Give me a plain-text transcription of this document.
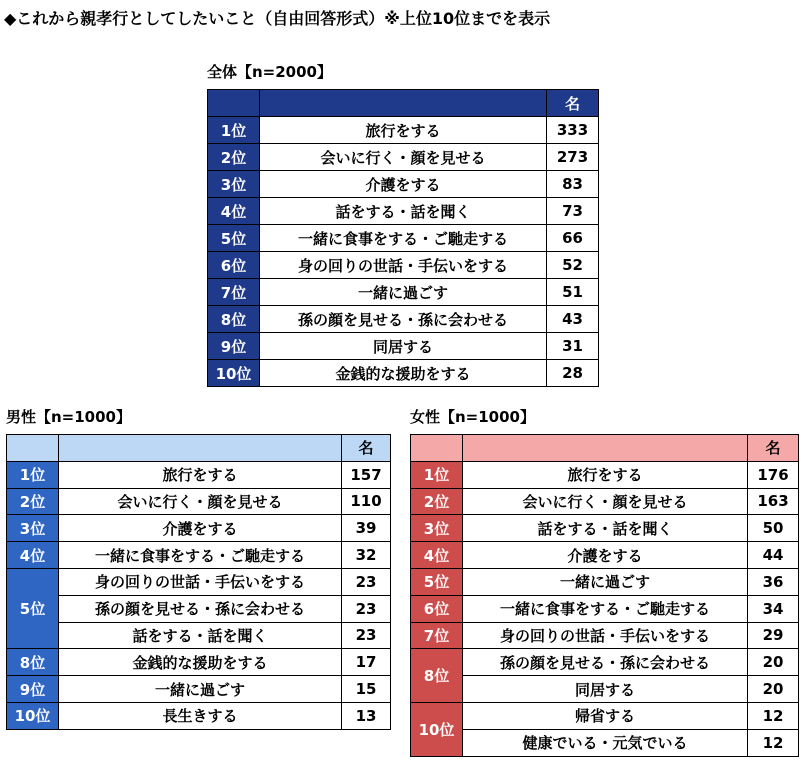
◆これから親孝行としてしたいこと（自由回答形式）※上位10位までを表示
全体【n=2000】
		名
1位	旅行をする	333
2位	会いに行く・顔を見せる	273
3位	介護をする	83
4位	話をする・話を聞く	73
5位	一緒に食事をする・ご馳走する	66
6位	身の回りの世話・手伝いをする	52
7位	一緒に過ごす	51
8位	孫の顔を見せる・孫に会わせる	43
9位	同居する	31
10位	金銭的な援助をする	28
男性【n=1000】
		名
1位	旅行をする	157
2位	会いに行く・顔を見せる	110
3位	介護をする	39
4位	一緒に食事をする・ご馳走する	32
5位	身の回りの世話・手伝いをする	23
	孫の顔を見せる・孫に会わせる	23
	話をする・話を聞く	23
8位	金銭的な援助をする	17
9位	一緒に過ごす	15
10位	長生きする	13
女性【n=1000】
		名
1位	旅行をする	176
2位	会いに行く・顔を見せる	163
3位	話をする・話を聞く	50
4位	介護をする	44
5位	一緒に過ごす	36
6位	一緒に食事をする・ご馳走する	34
7位	身の回りの世話・手伝いをする	29
8位	孫の顔を見せる・孫に会わせる	20
	同居する	20
10位	帰省する	12
	健康でいる・元気でいる	12
